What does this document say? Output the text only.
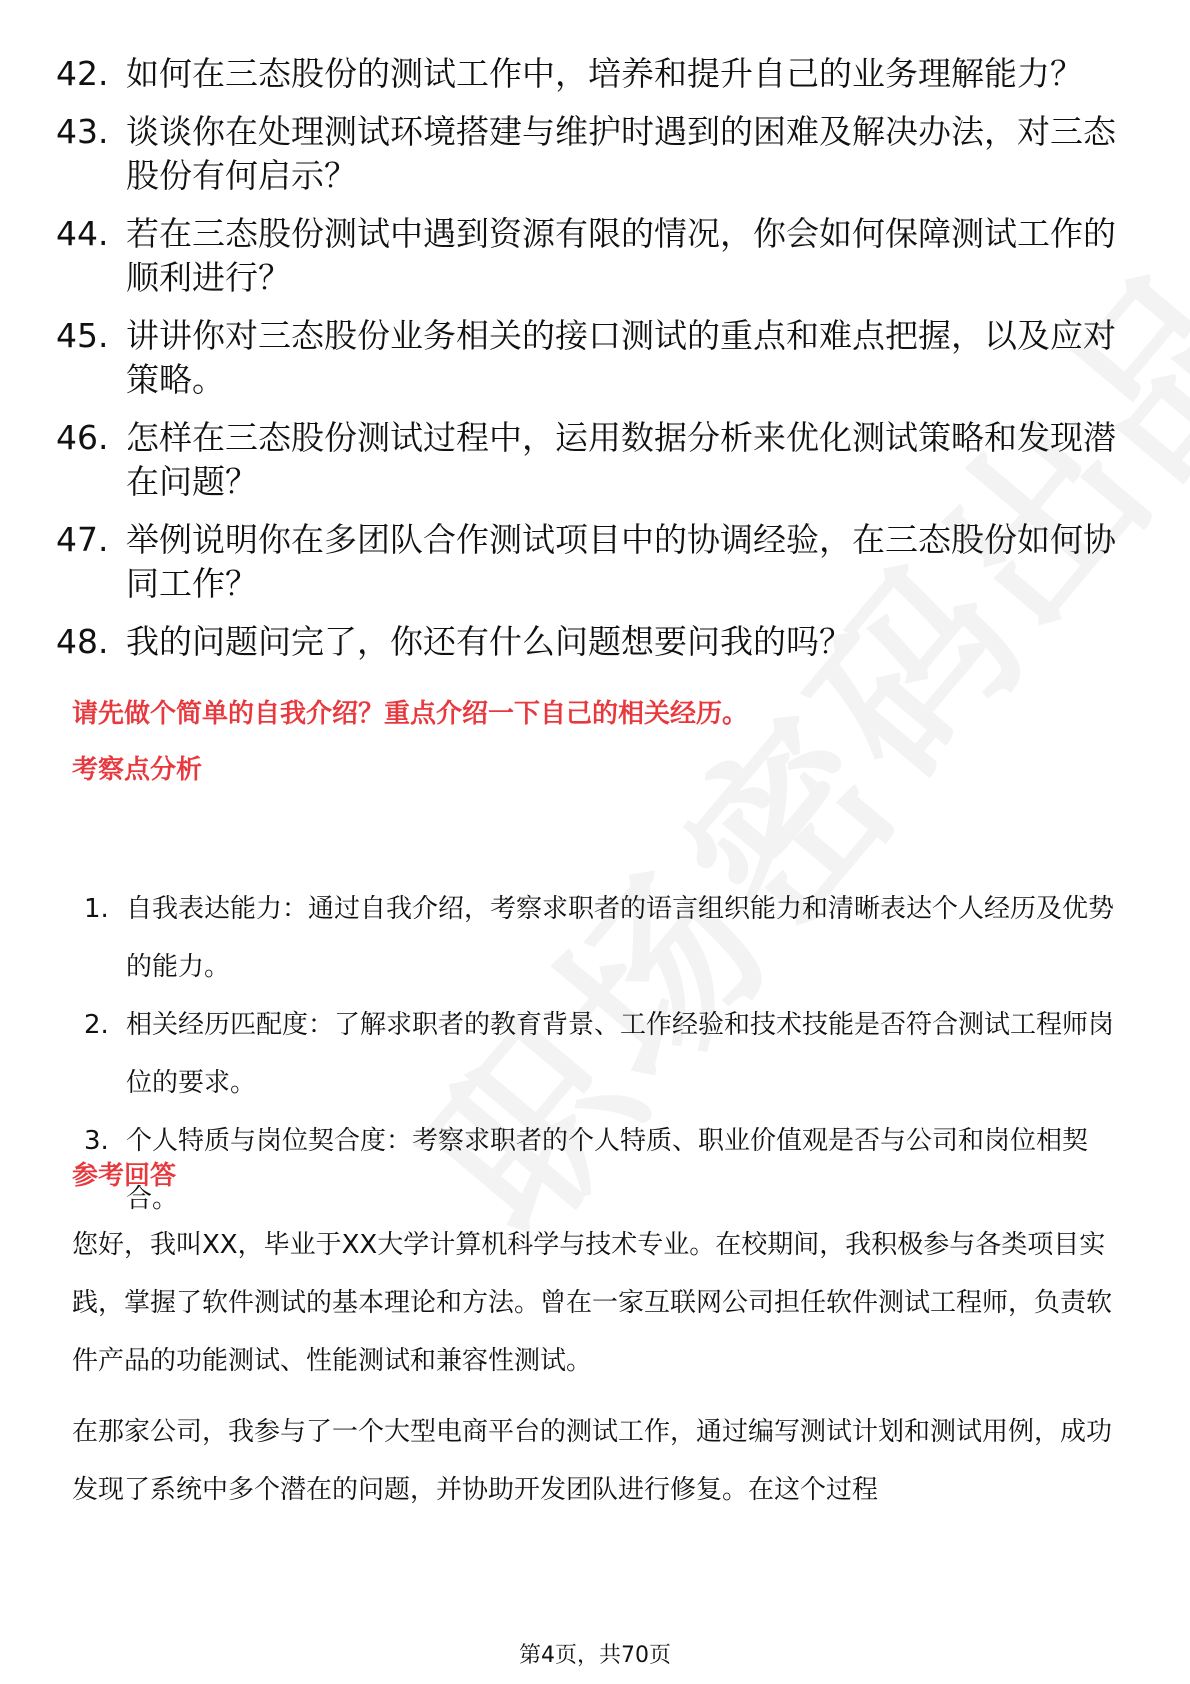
42. 如何在三态股份的测试工作中，培养和提升自己的业务理解能力？
43. 谈谈你在处理测试环境搭建与维护时遇到的困难及解决办法，对三态股份有何启示？
44. 若在三态股份测试中遇到资源有限的情况，你会如何保障测试工作的顺利进行？
45. 讲讲你对三态股份业务相关的接口测试的重点和难点把握，以及应对策略。
46. 怎样在三态股份测试过程中，运用数据分析来优化测试策略和发现潜在问题？
47. 举例说明你在多团队合作测试项目中的协调经验，在三态股份如何协同工作？
48. 我的问题问完了，你还有什么问题想要问我的吗？
请先做个简单的自我介绍？重点介绍一下自己的相关经历。
考察点分析
1. 自我表达能力：通过自我介绍，考察求职者的语言组织能力和清晰表达个人经历及优势的能力。
2. 相关经历匹配度：了解求职者的教育背景、工作经验和技术技能是否符合测试工程师岗位的要求。
3. 个人特质与岗位契合度：考察求职者的个人特质、职业价值观是否与公司和岗位相契合。
参考回答
您好，我叫XX，毕业于XX大学计算机科学与技术专业。在校期间，我积极参与各类项目实践，掌握了软件测试的基本理论和方法。曾在一家互联网公司担任软件测试工程师，负责软件产品的功能测试、性能测试和兼容性测试。
在那家公司，我参与了一个大型电商平台的测试工作，通过编写测试计划和测试用例，成功发现了系统中多个潜在的问题，并协助开发团队进行修复。在这个过程
第4页，共70页
